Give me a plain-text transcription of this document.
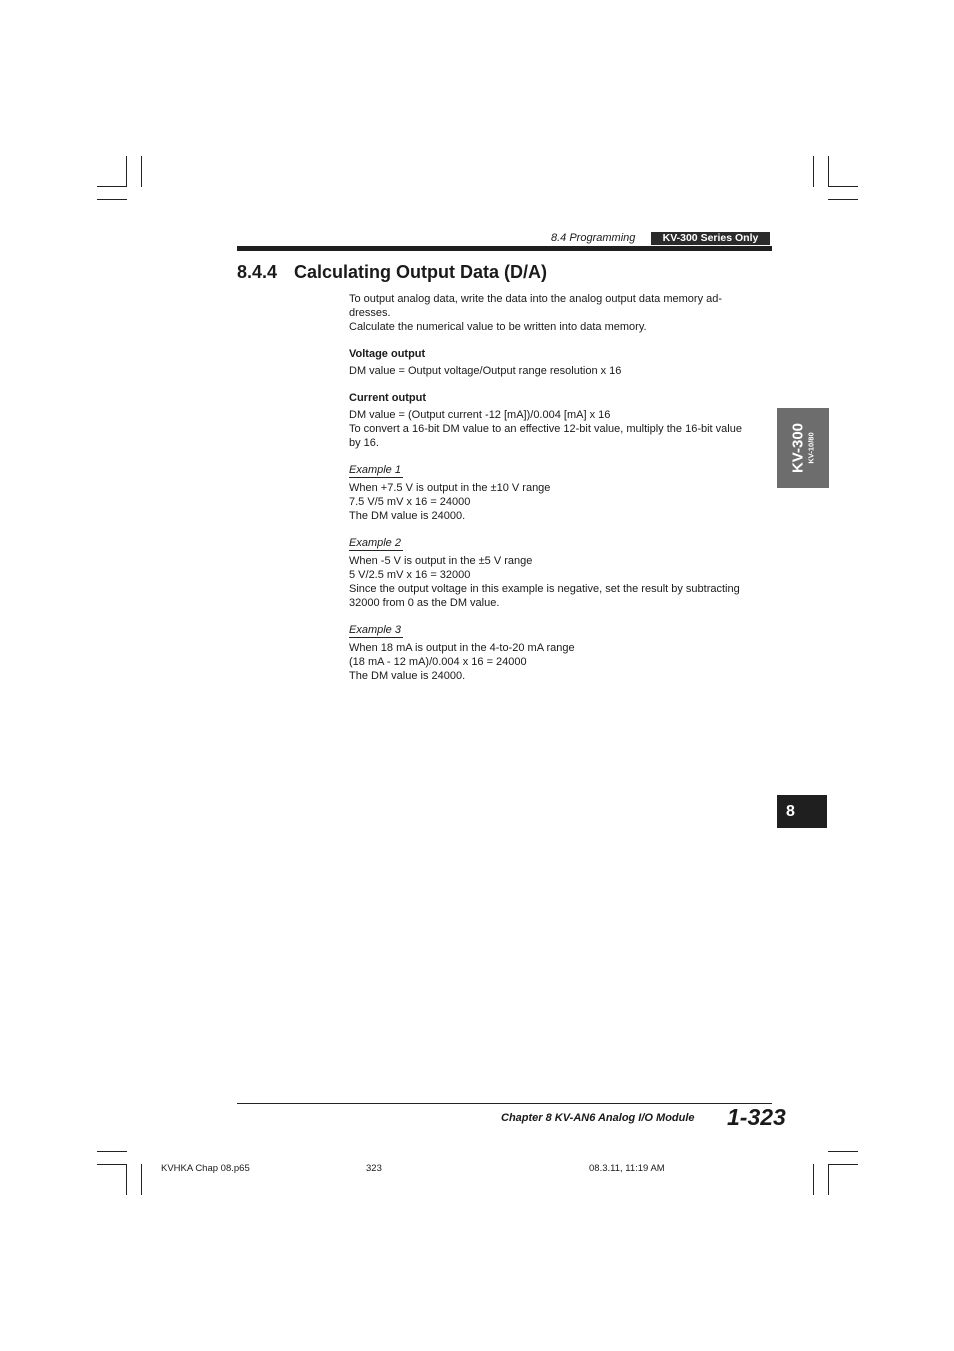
8.4 Programming	KV-300 Series Only
8.4.4 Calculating Output Data (D/A)

To output analog data, write the data into the analog output data memory ad-

dresses.

Calculate the numerical value to be written into data memory.

Voltage output

DM value = Output voltage/Output range resolution x 16

Current output

DM value = (Output current -12 [mA])/0.004 [mA] x 16

To convert a 16-bit DM value to an effective 12-bit value, multiply the 16-bit value

by 16.

Example 1

When +7.5 V is output in the ±10 V range

7.5 V/5 mV x 16 = 24000

The DM value is 24000.

Example 2

When -5 V is output in the ±5 V range

5 V/2.5 mV x 16 = 32000

Since the output voltage in this example is negative, set the result by subtracting

32000 from 0 as the DM value.

Example 3

When 18 mA is output in the 4-to-20 mA range

(18 mA - 12 mA)/0.004 x 16 = 24000

The DM value is 24000.

KV-300 KV-10/80
8
Chapter 8 KV-AN6 Analog I/O Module 1-323
KVHKA Chap 08.p65	323	08.3.11, 11:19 AM
